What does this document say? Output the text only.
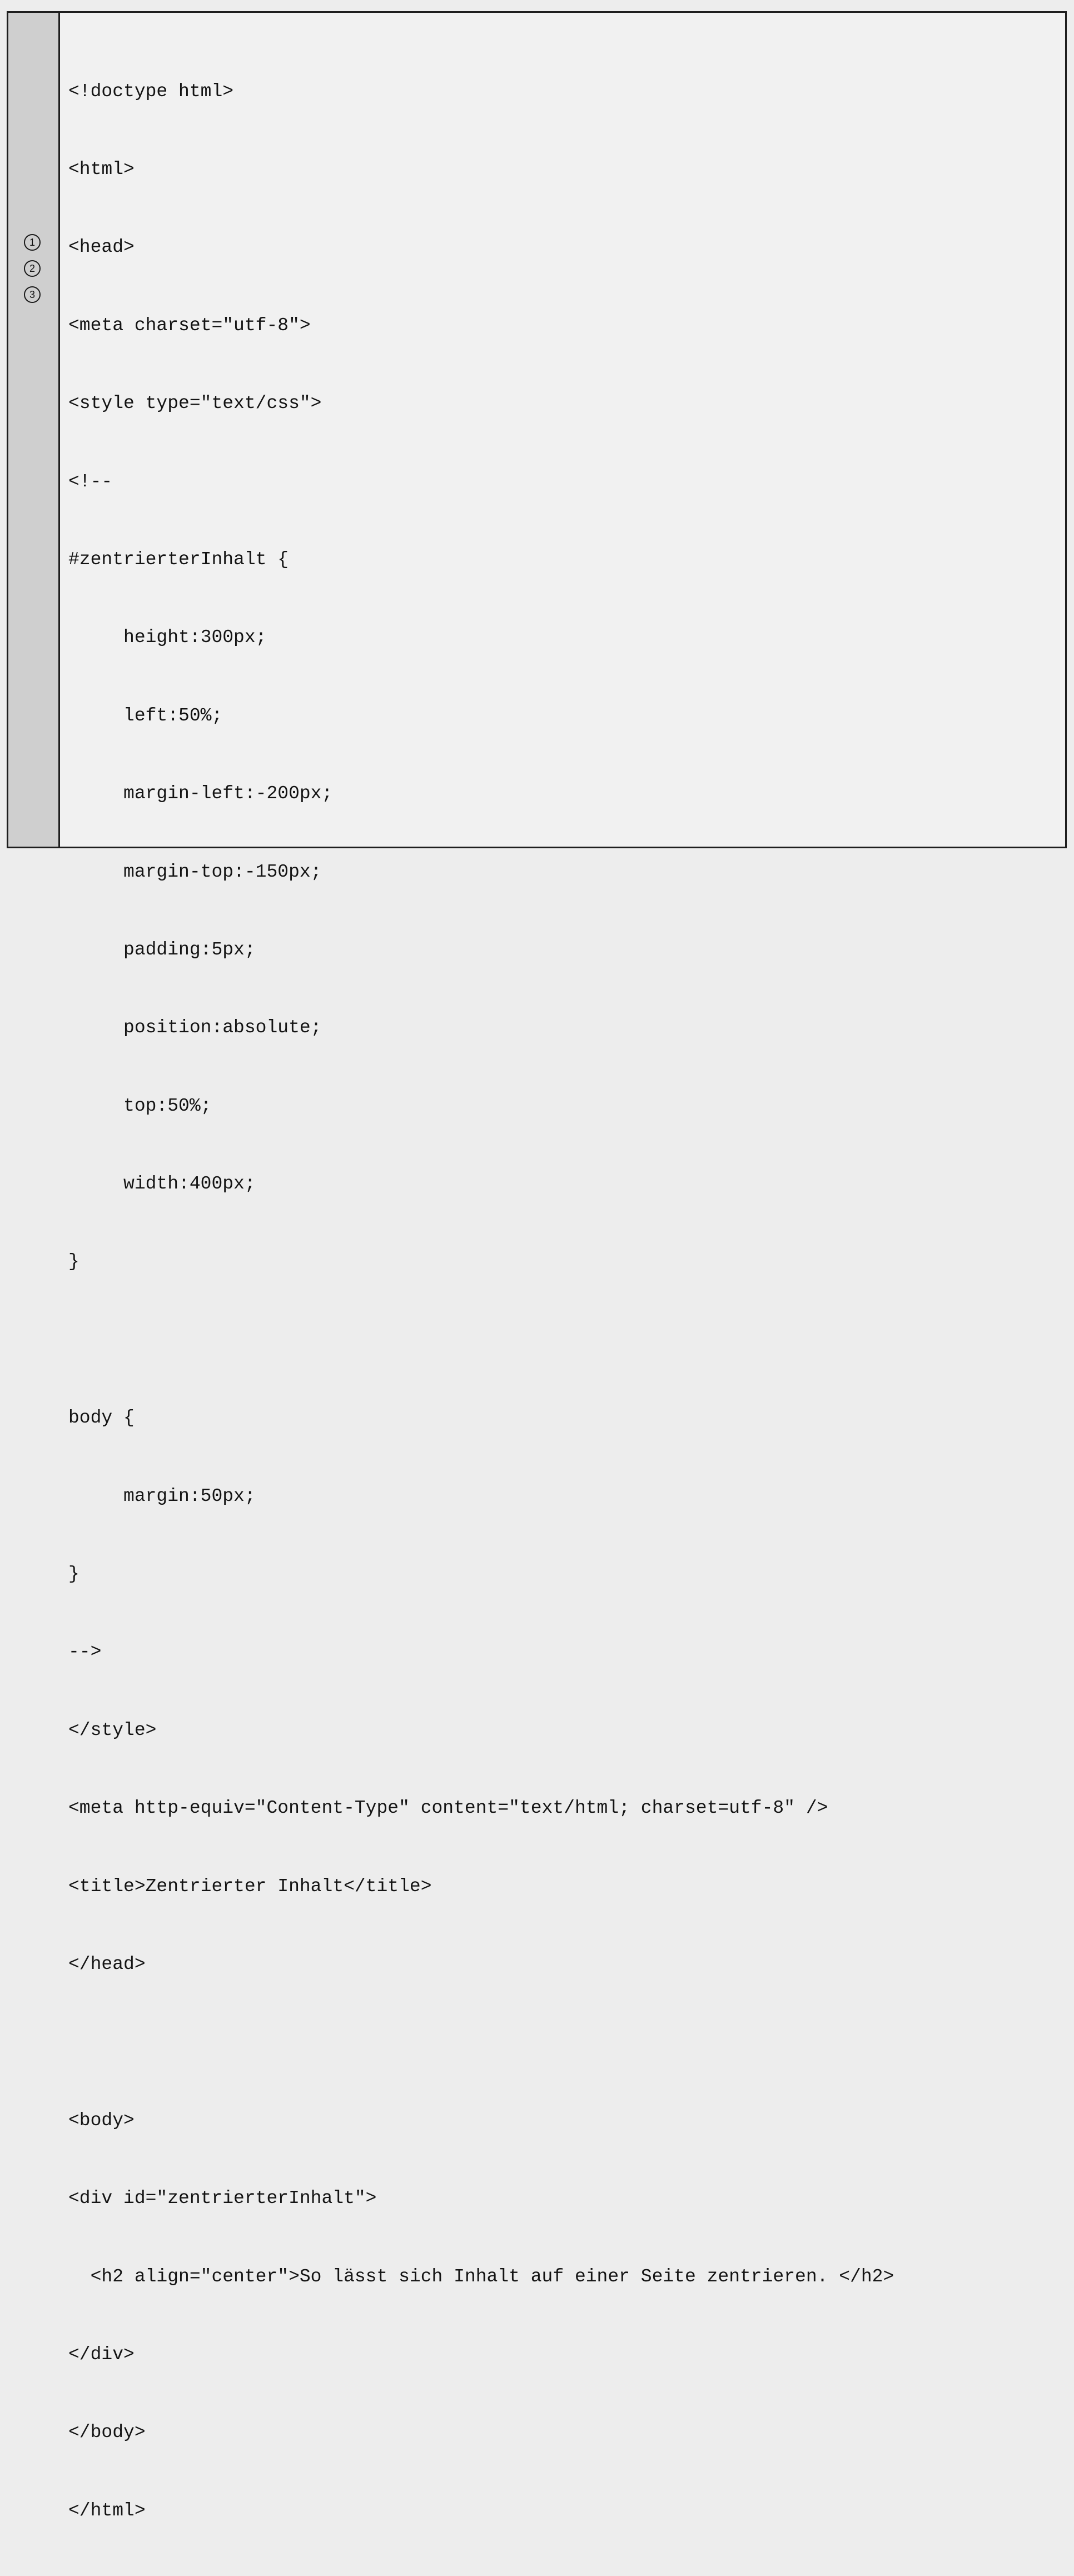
1
2
3

<!doctype html>

<html>

<head>

<meta charset="utf-8">

<style type="text/css">

<!--

#zentrierterInhalt {

height:300px;

left:50%;

margin-left:-200px;

margin-top:-150px;

padding:5px;

position:absolute;

top:50%;

width:400px;

}

body {

margin:50px;

}

-->

</style>

<meta http-equiv="Content-Type" content="text/html; charset=utf-8" />

<title>Zentrierter Inhalt</title>

</head>

<body>

<div id="zentrierterInhalt">

<h2 align="center">So lässt sich Inhalt auf einer Seite zentrieren. </h2>

</div>

</body>

</html>
